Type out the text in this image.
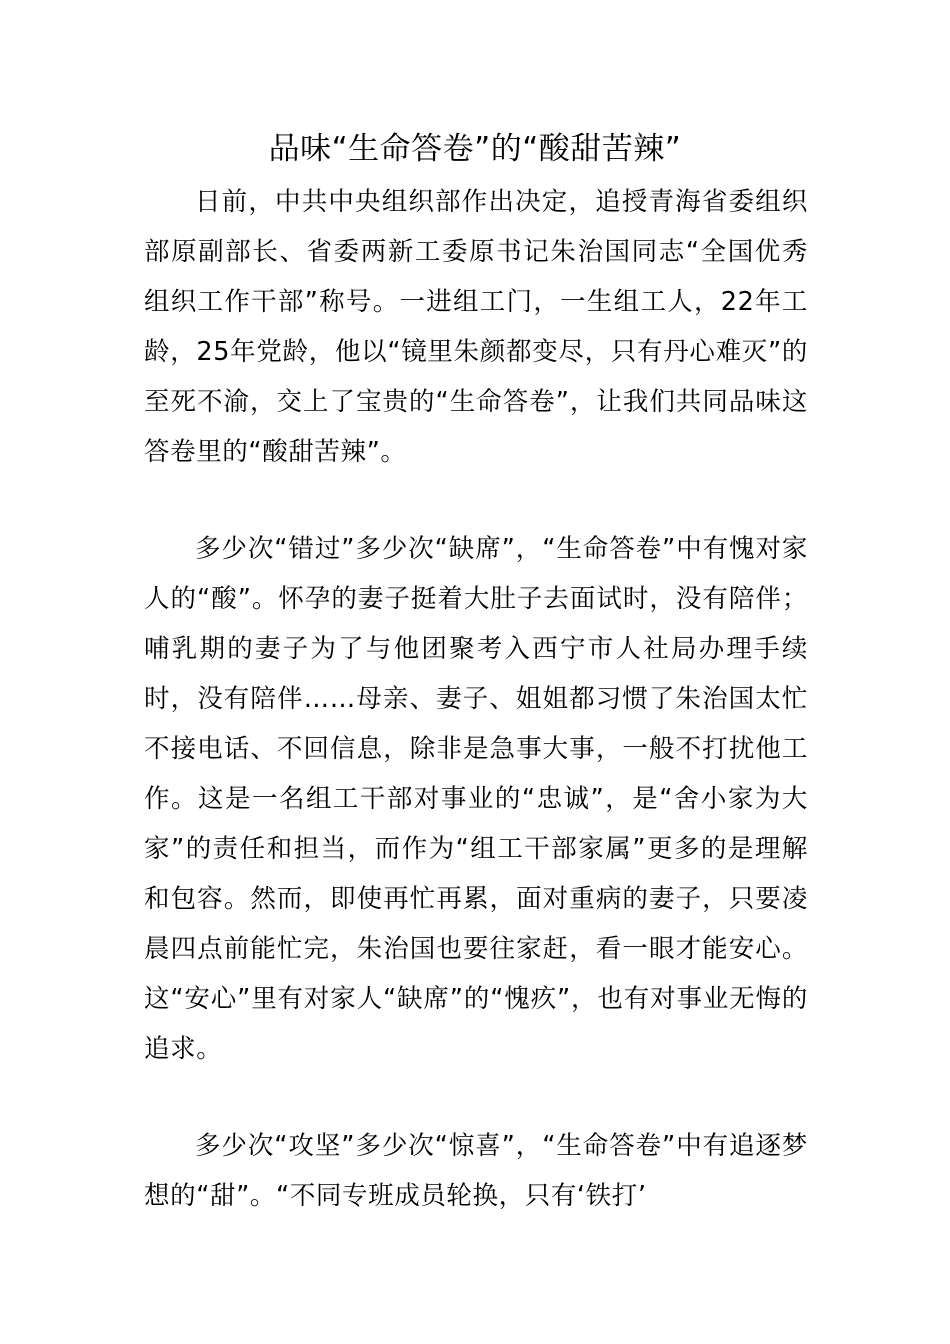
品味“生命答卷”的“酸甜苦辣”

日前，中共中央组织部作出决定，追授青海省委组织部原副部长、省委两新工委原书记朱治国同志“全国优秀组织工作干部”称号。一进组工门，一生组工人，22年工龄，25年党龄，他以“镜里朱颜都变尽，只有丹心难灭”的至死不渝，交上了宝贵的“生命答卷”，让我们共同品味这答卷里的“酸甜苦辣”。

多少次“错过”多少次“缺席”，“生命答卷”中有愧对家人的“酸”。怀孕的妻子挺着大肚子去面试时，没有陪伴；哺乳期的妻子为了与他团聚考入西宁市人社局办理手续时，没有陪伴……母亲、妻子、姐姐都习惯了朱治国太忙不接电话、不回信息，除非是急事大事，一般不打扰他工作。这是一名组工干部对事业的“忠诚”，是“舍小家为大家”的责任和担当，而作为“组工干部家属”更多的是理解和包容。然而，即使再忙再累，面对重病的妻子，只要凌晨四点前能忙完，朱治国也要往家赶，看一眼才能安心。这“安心”里有对家人“缺席”的“愧疚”，也有对事业无悔的追求。

多少次“攻坚”多少次“惊喜”，“生命答卷”中有追逐梦想的“甜”。“不同专班成员轮换，只有‘铁打’
